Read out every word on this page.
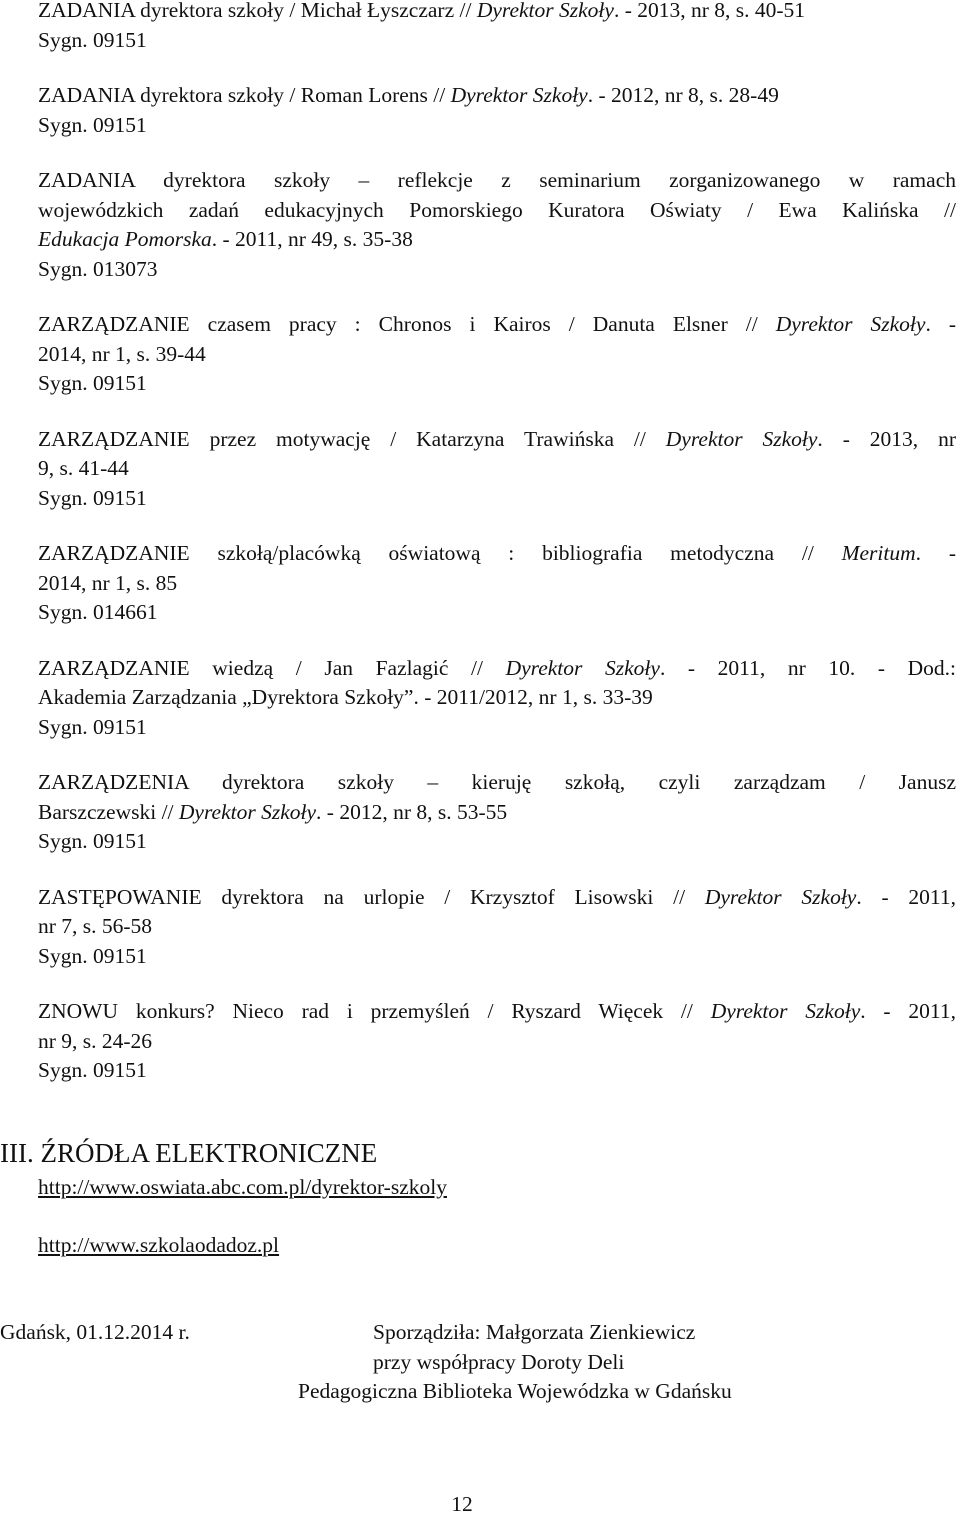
ZADANIA dyrektora szkoły / Michał Łyszczarz // Dyrektor Szkoły. - 2013, nr 8, s. 40-51
Sygn. 09151
ZADANIA dyrektora szkoły / Roman Lorens // Dyrektor Szkoły. - 2012, nr 8, s. 28-49
Sygn. 09151
ZADANIA dyrektora szkoły – reflekcje z seminarium zorganizowanego w ramach
wojewódzkich zadań edukacyjnych Pomorskiego Kuratora Oświaty / Ewa Kalińska //
Edukacja Pomorska. - 2011, nr 49, s. 35-38
Sygn. 013073
ZARZĄDZANIE czasem pracy : Chronos i Kairos / Danuta Elsner // Dyrektor Szkoły. -
2014, nr 1, s. 39-44
Sygn. 09151
ZARZĄDZANIE przez motywację / Katarzyna Trawińska // Dyrektor Szkoły. - 2013, nr
9, s. 41-44
Sygn. 09151
ZARZĄDZANIE szkołą/placówką oświatową : bibliografia metodyczna // Meritum. -
2014, nr 1, s. 85
Sygn. 014661
ZARZĄDZANIE wiedzą / Jan Fazlagić // Dyrektor Szkoły. - 2011, nr 10. - Dod.:
Akademia Zarządzania „Dyrektora Szkoły”. - 2011/2012, nr 1, s. 33-39
Sygn. 09151
ZARZĄDZENIA dyrektora szkoły – kieruję szkołą, czyli zarządzam / Janusz
Barszczewski // Dyrektor Szkoły. - 2012, nr 8, s. 53-55
Sygn. 09151
ZASTĘPOWANIE dyrektora na urlopie / Krzysztof Lisowski // Dyrektor Szkoły. - 2011,
nr 7, s. 56-58
Sygn. 09151
ZNOWU konkurs? Nieco rad i przemyśleń / Ryszard Więcek // Dyrektor Szkoły. - 2011,
nr 9, s. 24-26
Sygn. 09151
III. ŹRÓDŁA ELEKTRONICZNE
http://www.oswiata.abc.com.pl/dyrektor-szkoly
http://www.szkolaodadoz.pl
Gdańsk, 01.12.2014 r.	Sporządziła: Małgorzata Zienkiewicz
przy współpracy Doroty Deli
Pedagogiczna Biblioteka Wojewódzka w Gdańsku
12
